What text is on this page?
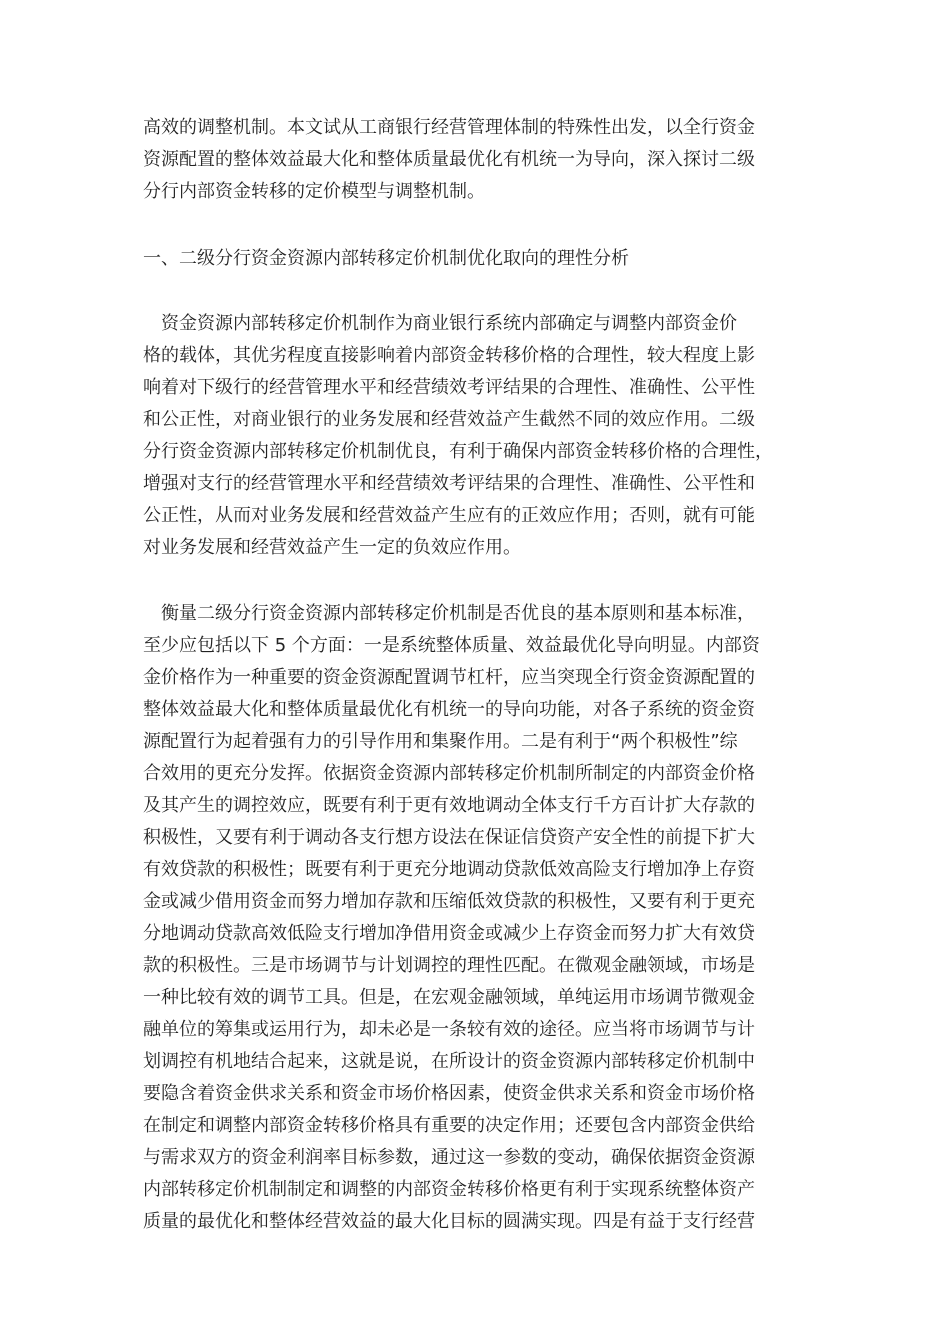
高效的调整机制。本文试从工商银行经营管理体制的特殊性出发，以全行资金
资源配置的整体效益最大化和整体质量最优化有机统一为导向，深入探讨二级
分行内部资金转移的定价模型与调整机制。
一、二级分行资金资源内部转移定价机制优化取向的理性分析
　资金资源内部转移定价机制作为商业银行系统内部确定与调整内部资金价
格的载体，其优劣程度直接影响着内部资金转移价格的合理性，较大程度上影
响着对下级行的经营管理水平和经营绩效考评结果的合理性、准确性、公平性
和公正性，对商业银行的业务发展和经营效益产生截然不同的效应作用。二级
分行资金资源内部转移定价机制优良，有利于确保内部资金转移价格的合理性，
增强对支行的经营管理水平和经营绩效考评结果的合理性、准确性、公平性和
公正性，从而对业务发展和经营效益产生应有的正效应作用；否则，就有可能
对业务发展和经营效益产生一定的负效应作用。
　衡量二级分行资金资源内部转移定价机制是否优良的基本原则和基本标准，
至少应包括以下 5 个方面：一是系统整体质量、效益最优化导向明显。内部资
金价格作为一种重要的资金资源配置调节杠杆，应当突现全行资金资源配置的
整体效益最大化和整体质量最优化有机统一的导向功能，对各子系统的资金资
源配置行为起着强有力的引导作用和集聚作用。二是有利于“两个积极性”综
合效用的更充分发挥。依据资金资源内部转移定价机制所制定的内部资金价格
及其产生的调控效应，既要有利于更有效地调动全体支行千方百计扩大存款的
积极性，又要有利于调动各支行想方设法在保证信贷资产安全性的前提下扩大
有效贷款的积极性；既要有利于更充分地调动贷款低效高险支行增加净上存资
金或减少借用资金而努力增加存款和压缩低效贷款的积极性，又要有利于更充
分地调动贷款高效低险支行增加净借用资金或减少上存资金而努力扩大有效贷
款的积极性。三是市场调节与计划调控的理性匹配。在微观金融领域，市场是
一种比较有效的调节工具。但是，在宏观金融领域，单纯运用市场调节微观金
融单位的筹集或运用行为，却未必是一条较有效的途径。应当将市场调节与计
划调控有机地结合起来，这就是说，在所设计的资金资源内部转移定价机制中
要隐含着资金供求关系和资金市场价格因素，使资金供求关系和资金市场价格
在制定和调整内部资金转移价格具有重要的决定作用；还要包含内部资金供给
与需求双方的资金利润率目标参数，通过这一参数的变动，确保依据资金资源
内部转移定价机制制定和调整的内部资金转移价格更有利于实现系统整体资产
质量的最优化和整体经营效益的最大化目标的圆满实现。四是有益于支行经营
